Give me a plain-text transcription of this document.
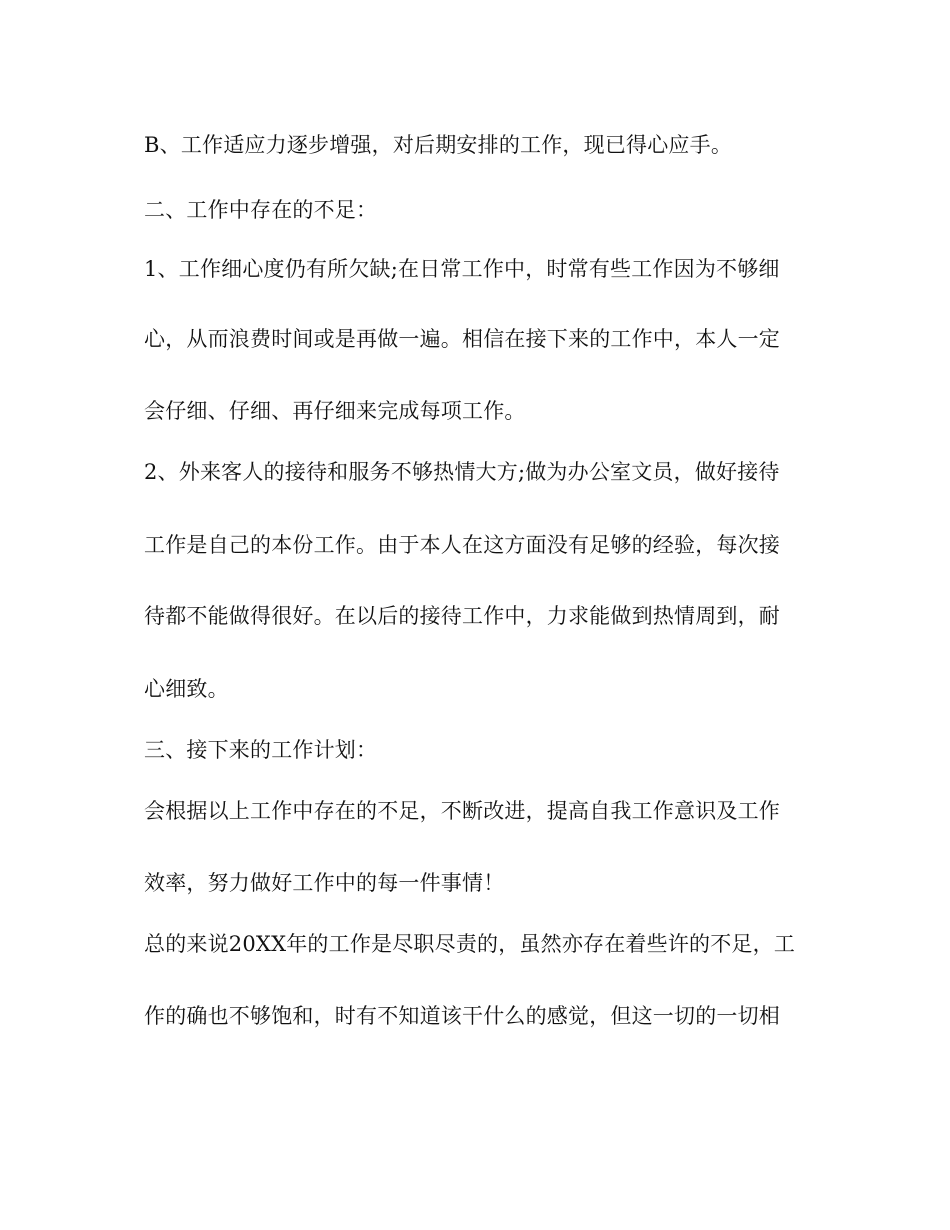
B、工作适应力逐步增强，对后期安排的工作，现已得心应手。
二、工作中存在的不足：
1、工作细心度仍有所欠缺;在日常工作中，时常有些工作因为不够细
心，从而浪费时间或是再做一遍。相信在接下来的工作中，本人一定
会仔细、仔细、再仔细来完成每项工作。
2、外来客人的接待和服务不够热情大方;做为办公室文员，做好接待
工作是自己的本份工作。由于本人在这方面没有足够的经验，每次接
待都不能做得很好。在以后的接待工作中，力求能做到热情周到，耐
心细致。
三、接下来的工作计划：
会根据以上工作中存在的不足，不断改进，提高自我工作意识及工作
效率，努力做好工作中的每一件事情！
总的来说20XX年的工作是尽职尽责的，虽然亦存在着些许的不足，工
作的确也不够饱和，时有不知道该干什么的感觉，但这一切的一切相
